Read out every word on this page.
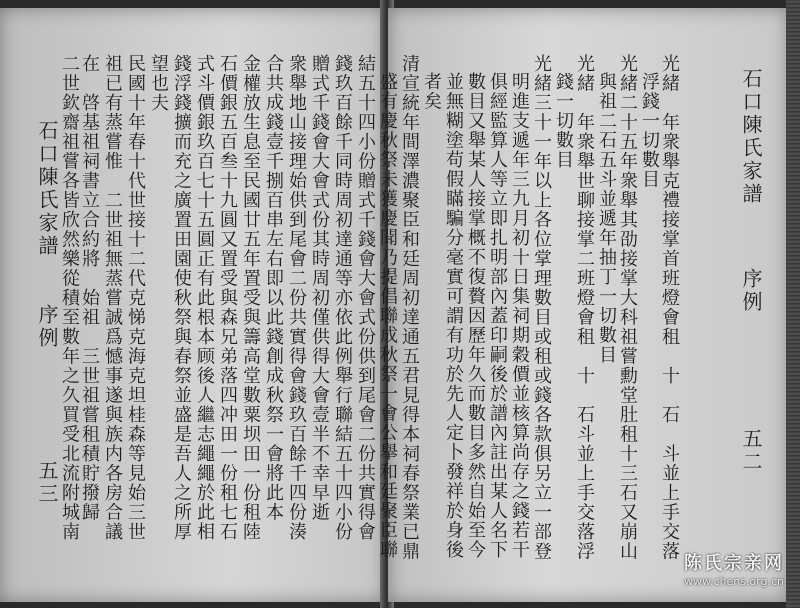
石口陳氏家譜
序例
五三	結五十四小份贈式千錢會大會式份供到尾會二份共實得會
錢玖百餘千同時周初達通等亦依此例舉行聯結五十四小份
贈式千錢會大會式份其時周初僅供得大會壹半不幸早逝
衆舉地山接理始供到尾會二份共實得會錢玖百餘千四份湊
合共成錢壹千捌百串左右即以此錢創成秋祭一會將此本
金權放生息至民國廿五年置受與籌高堂數粟坝田一份租陸
石價銀五百叁十九圓又置受與森兄弟落四冲田一份租七石
式斗價銀玖百七十五圓正有此根本顾後人繼志繩繩於此相
錢浮錢擴而充之廣置田園使秋祭與春祭並盛是吾人之所厚
望也夫
民國十年春十代世接十二代克悌克海克坦桂森等見始三世
祖已有蒸嘗惟　二世祖無蒸嘗誠爲憾事遂與族内各房合議
在　啓基祖祠書立合約將　始祖　三世祖嘗租積貯撥歸
二世欽齋祖嘗各皆欣然樂從積至數年之久買受北流附城南	石口陳氏家譜
序例
五二
光緒　年衆舉克禮接掌首班燈會租　十　石　斗並上手交落
浮錢一切數目
光緒二十五年衆舉其劭接掌大科祖嘗勳堂肚租十三石又崩山
與祖二石五斗並遞年抽丁一切數目
光緒　年衆舉世聊接掌二班燈會租　十　石斗並上手交落浮
錢一切數目
光緒三十一年以上各位掌理數目或租或錢各款俱另立一部登
明進支遞年三九月初十日集祠期穀價並核算尚存之錢若干
俱經監算人等立即扎明部內蓋印嗣後於譜內註出某人名下
數目又舉某人接掌概不復贅因歷年久而數目多然自始至今
並無糊塗苟假瞞騙分毫實可謂有功於先人定卜發祥於身後
者矣
清宣統年間澤濃聚臣和廷周初達通五君見得本祠春祭業已鼎
盛有慶秋祭未獲慶聞乃提倡聯成秋祭一會公舉和廷聚臣聯
陈氏宗亲网
www.chens.org.cn
